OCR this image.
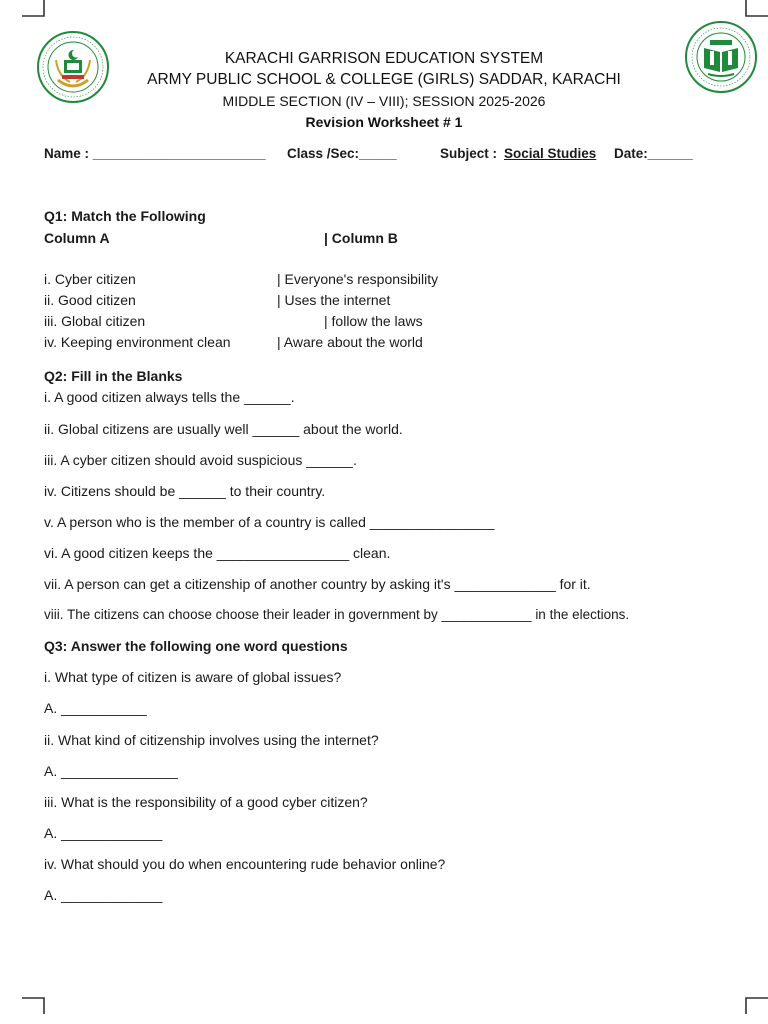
KARACHI GARRISON EDUCATION SYSTEM
ARMY PUBLIC SCHOOL & COLLEGE (GIRLS) SADDAR, KARACHI
MIDDLE SECTION (IV – VIII); SESSION 2025-2026
Revision Worksheet # 1
Name : _______________________ Class /Sec:_____	Subject : Social Studies Date:______
Q1: Match the Following
Column A	| Column B
i. Cyber citizen	| Everyone's responsibility
ii. Good citizen	| Uses the internet
iii. Global citizen	| follow the laws
iv. Keeping environment clean	| Aware about the world
Q2: Fill in the Blanks
i. A good citizen always tells the ______.
ii. Global citizens are usually well ______ about the world.
iii. A cyber citizen should avoid suspicious ______.
iv. Citizens should be ______ to their country.
v. A person who is the member of a country is called ________________
vi. A good citizen keeps the _________________ clean.
vii. A person can get a citizenship of another country by asking it's _____________ for it.
viii. The citizens can choose choose their leader in government by ____________ in the elections.
Q3: Answer the following one word questions
i. What type of citizen is aware of global issues?
A. ___________
ii. What kind of citizenship involves using the internet?
A. _______________
iii. What is the responsibility of a good cyber citizen?
A. _____________
iv. What should you do when encountering rude behavior online?
A. _____________
